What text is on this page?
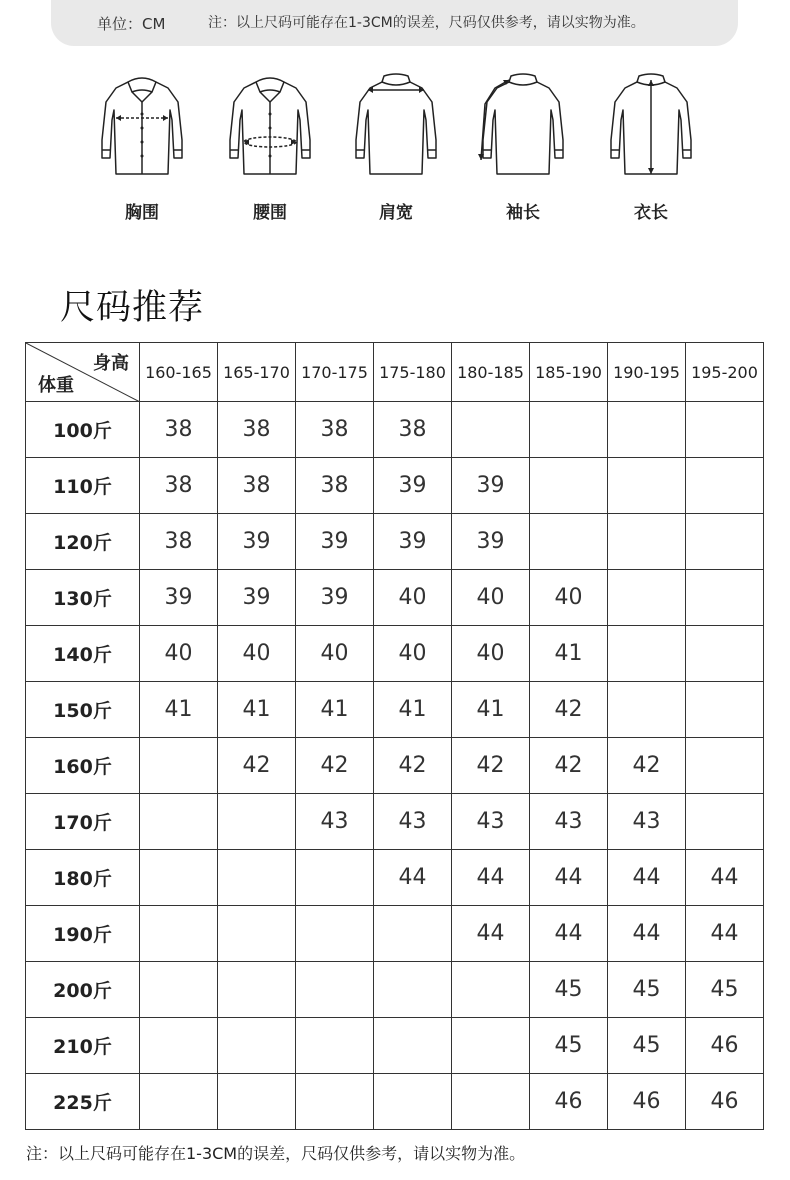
单位：CM	注：以上尺码可能存在1-3CM的误差，尺码仅供参考，请以实物为准。
胸围	腰围	肩宽	袖长	衣长
尺码推荐
身高
体重	160-165	165-170	170-175	175-180	180-185	185-190	190-195	195-200
100斤	38	38	38	38				
110斤	38	38	38	39	39			
120斤	38	39	39	39	39			
130斤	39	39	39	40	40	40		
140斤	40	40	40	40	40	41		
150斤	41	41	41	41	41	42		
160斤		42	42	42	42	42	42	
170斤			43	43	43	43	43	
180斤				44	44	44	44	44
190斤					44	44	44	44
200斤						45	45	45
210斤						45	45	46
225斤						46	46	46
注：以上尺码可能存在1-3CM的误差，尺码仅供参考，请以实物为准。
